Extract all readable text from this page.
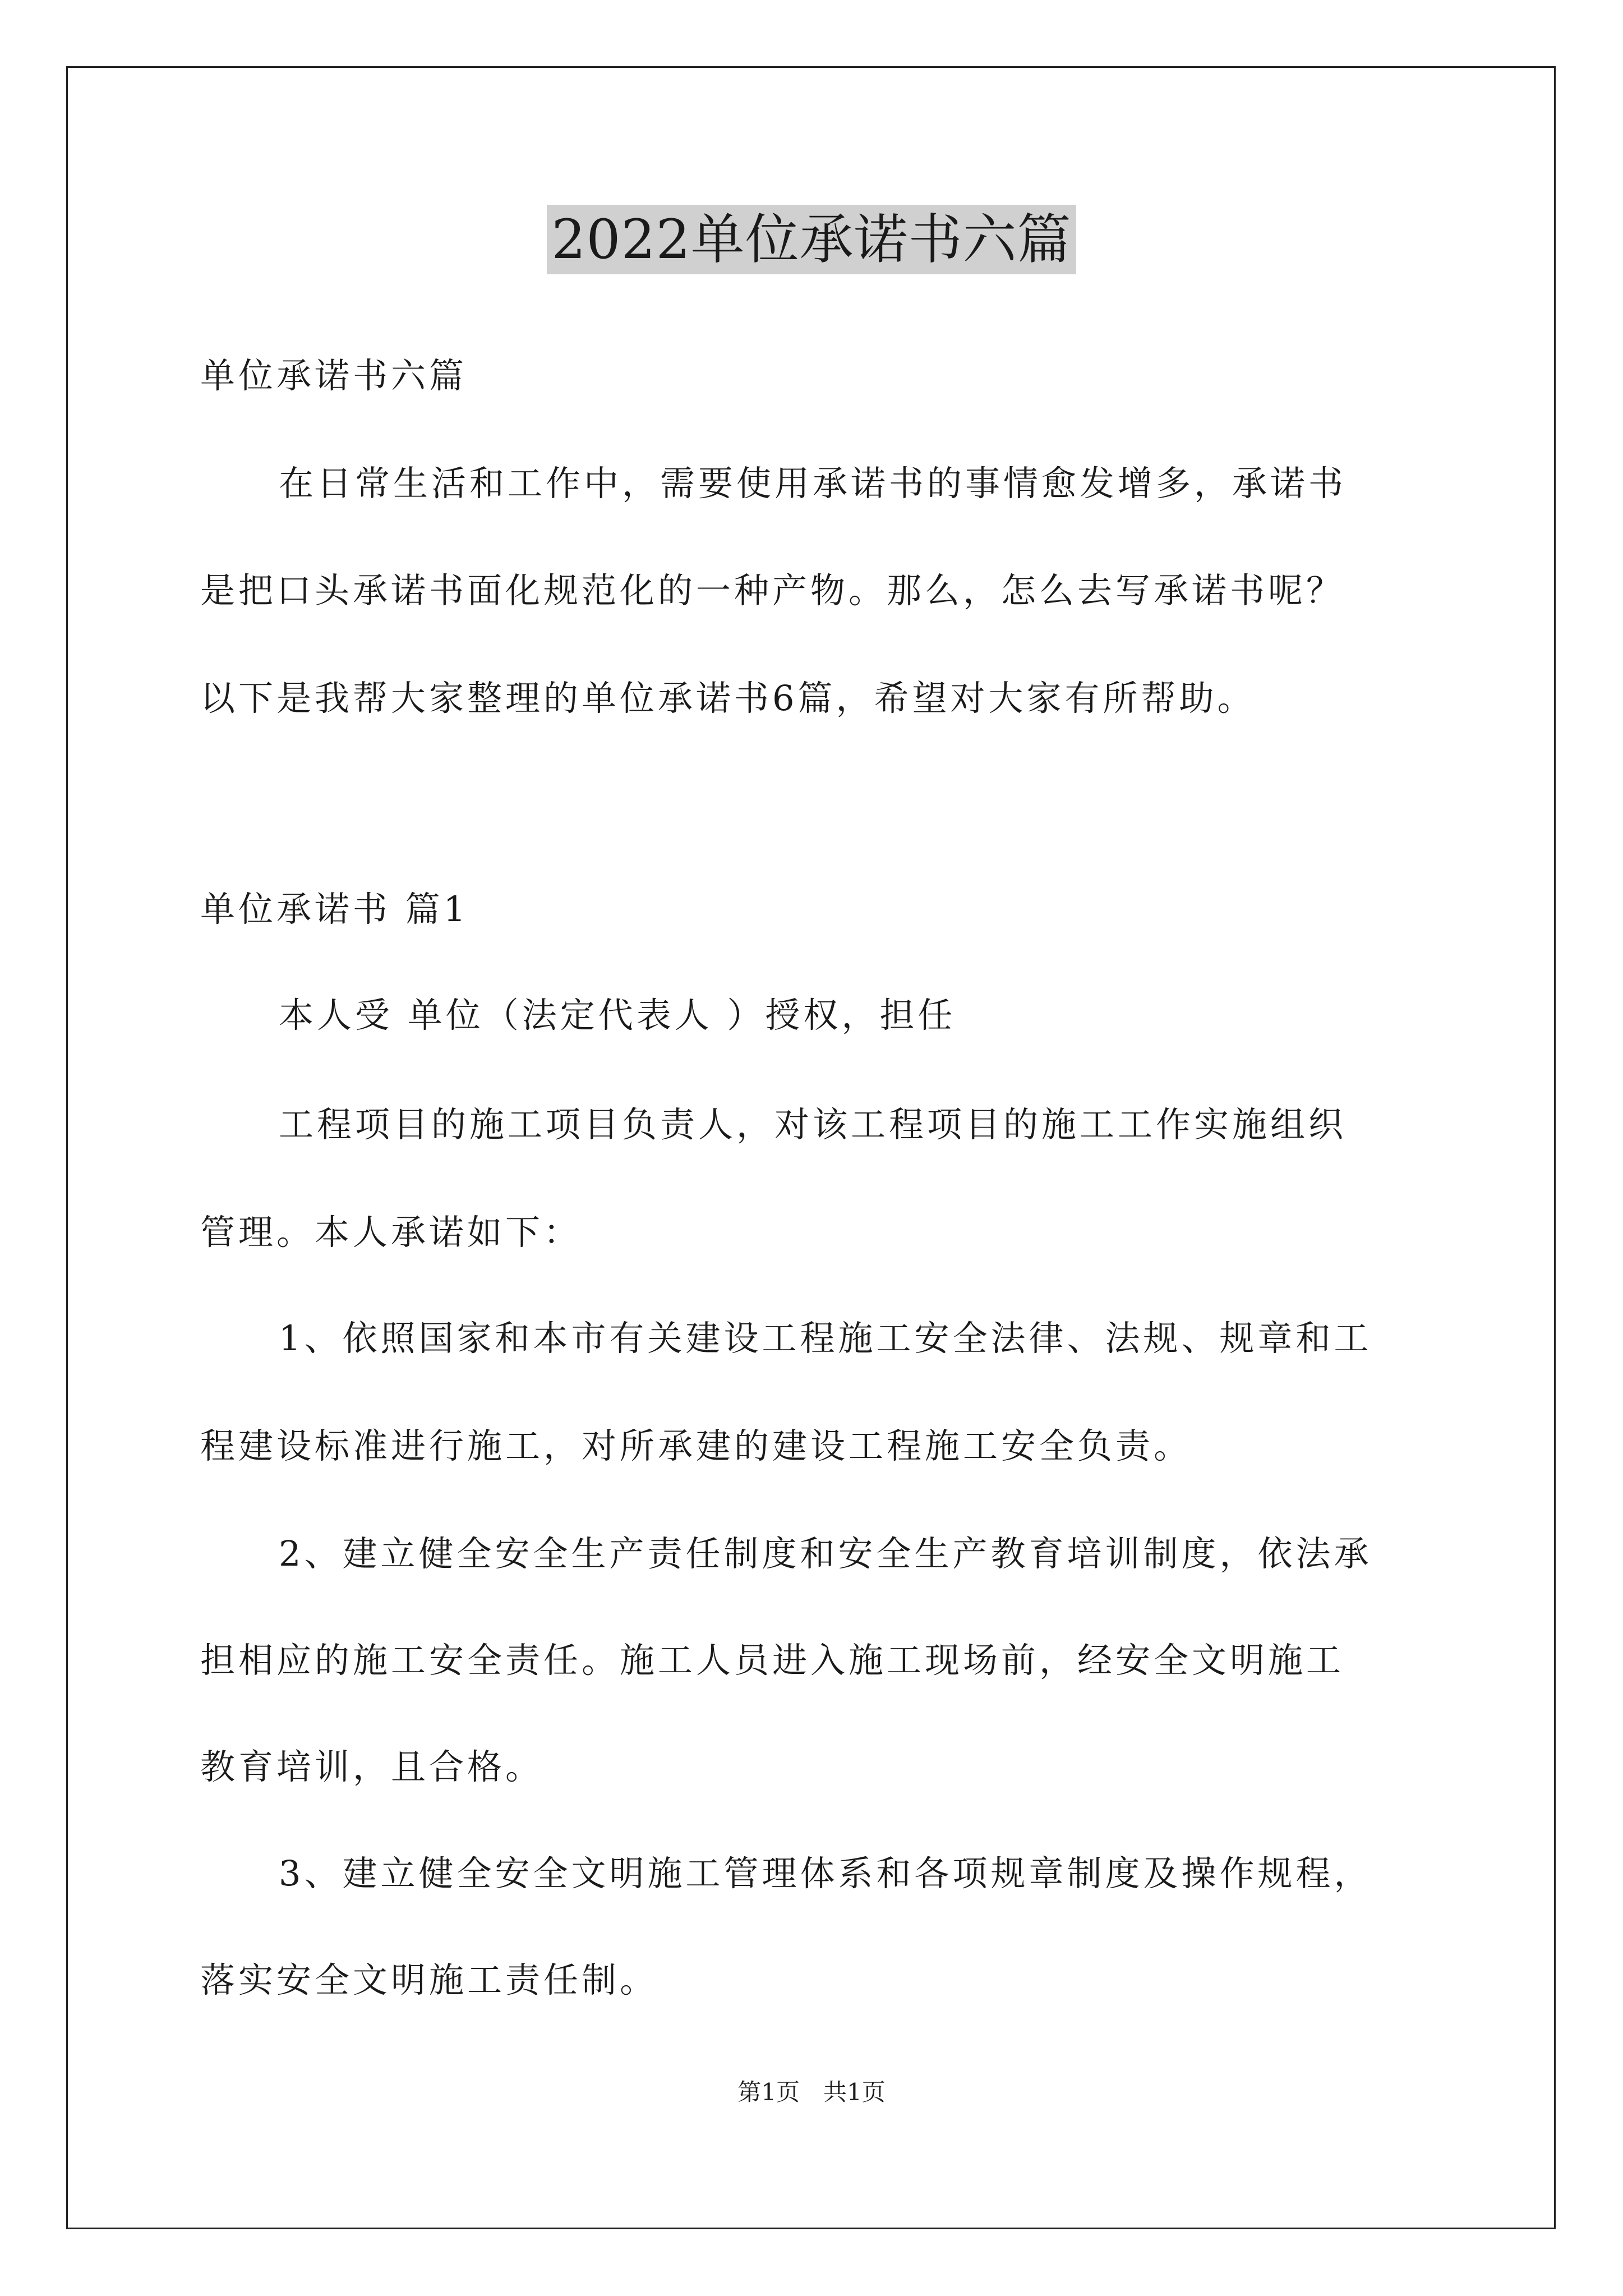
2022单位承诺书六篇
单位承诺书六篇
在日常生活和工作中，需要使用承诺书的事情愈发增多，承诺书
是把口头承诺书面化规范化的一种产物。那么，怎么去写承诺书呢？
以下是我帮大家整理的单位承诺书6篇，希望对大家有所帮助。
单位承诺书 篇1
本人受 单位（法定代表人 ）授权，担任
工程项目的施工项目负责人，对该工程项目的施工工作实施组织
管理。本人承诺如下：
1、依照国家和本市有关建设工程施工安全法律、法规、规章和工
程建设标准进行施工，对所承建的建设工程施工安全负责。
2、建立健全安全生产责任制度和安全生产教育培训制度，依法承
担相应的施工安全责任。施工人员进入施工现场前，经安全文明施工
教育培训，且合格。
3、建立健全安全文明施工管理体系和各项规章制度及操作规程，
落实安全文明施工责任制。
第1页　共1页
